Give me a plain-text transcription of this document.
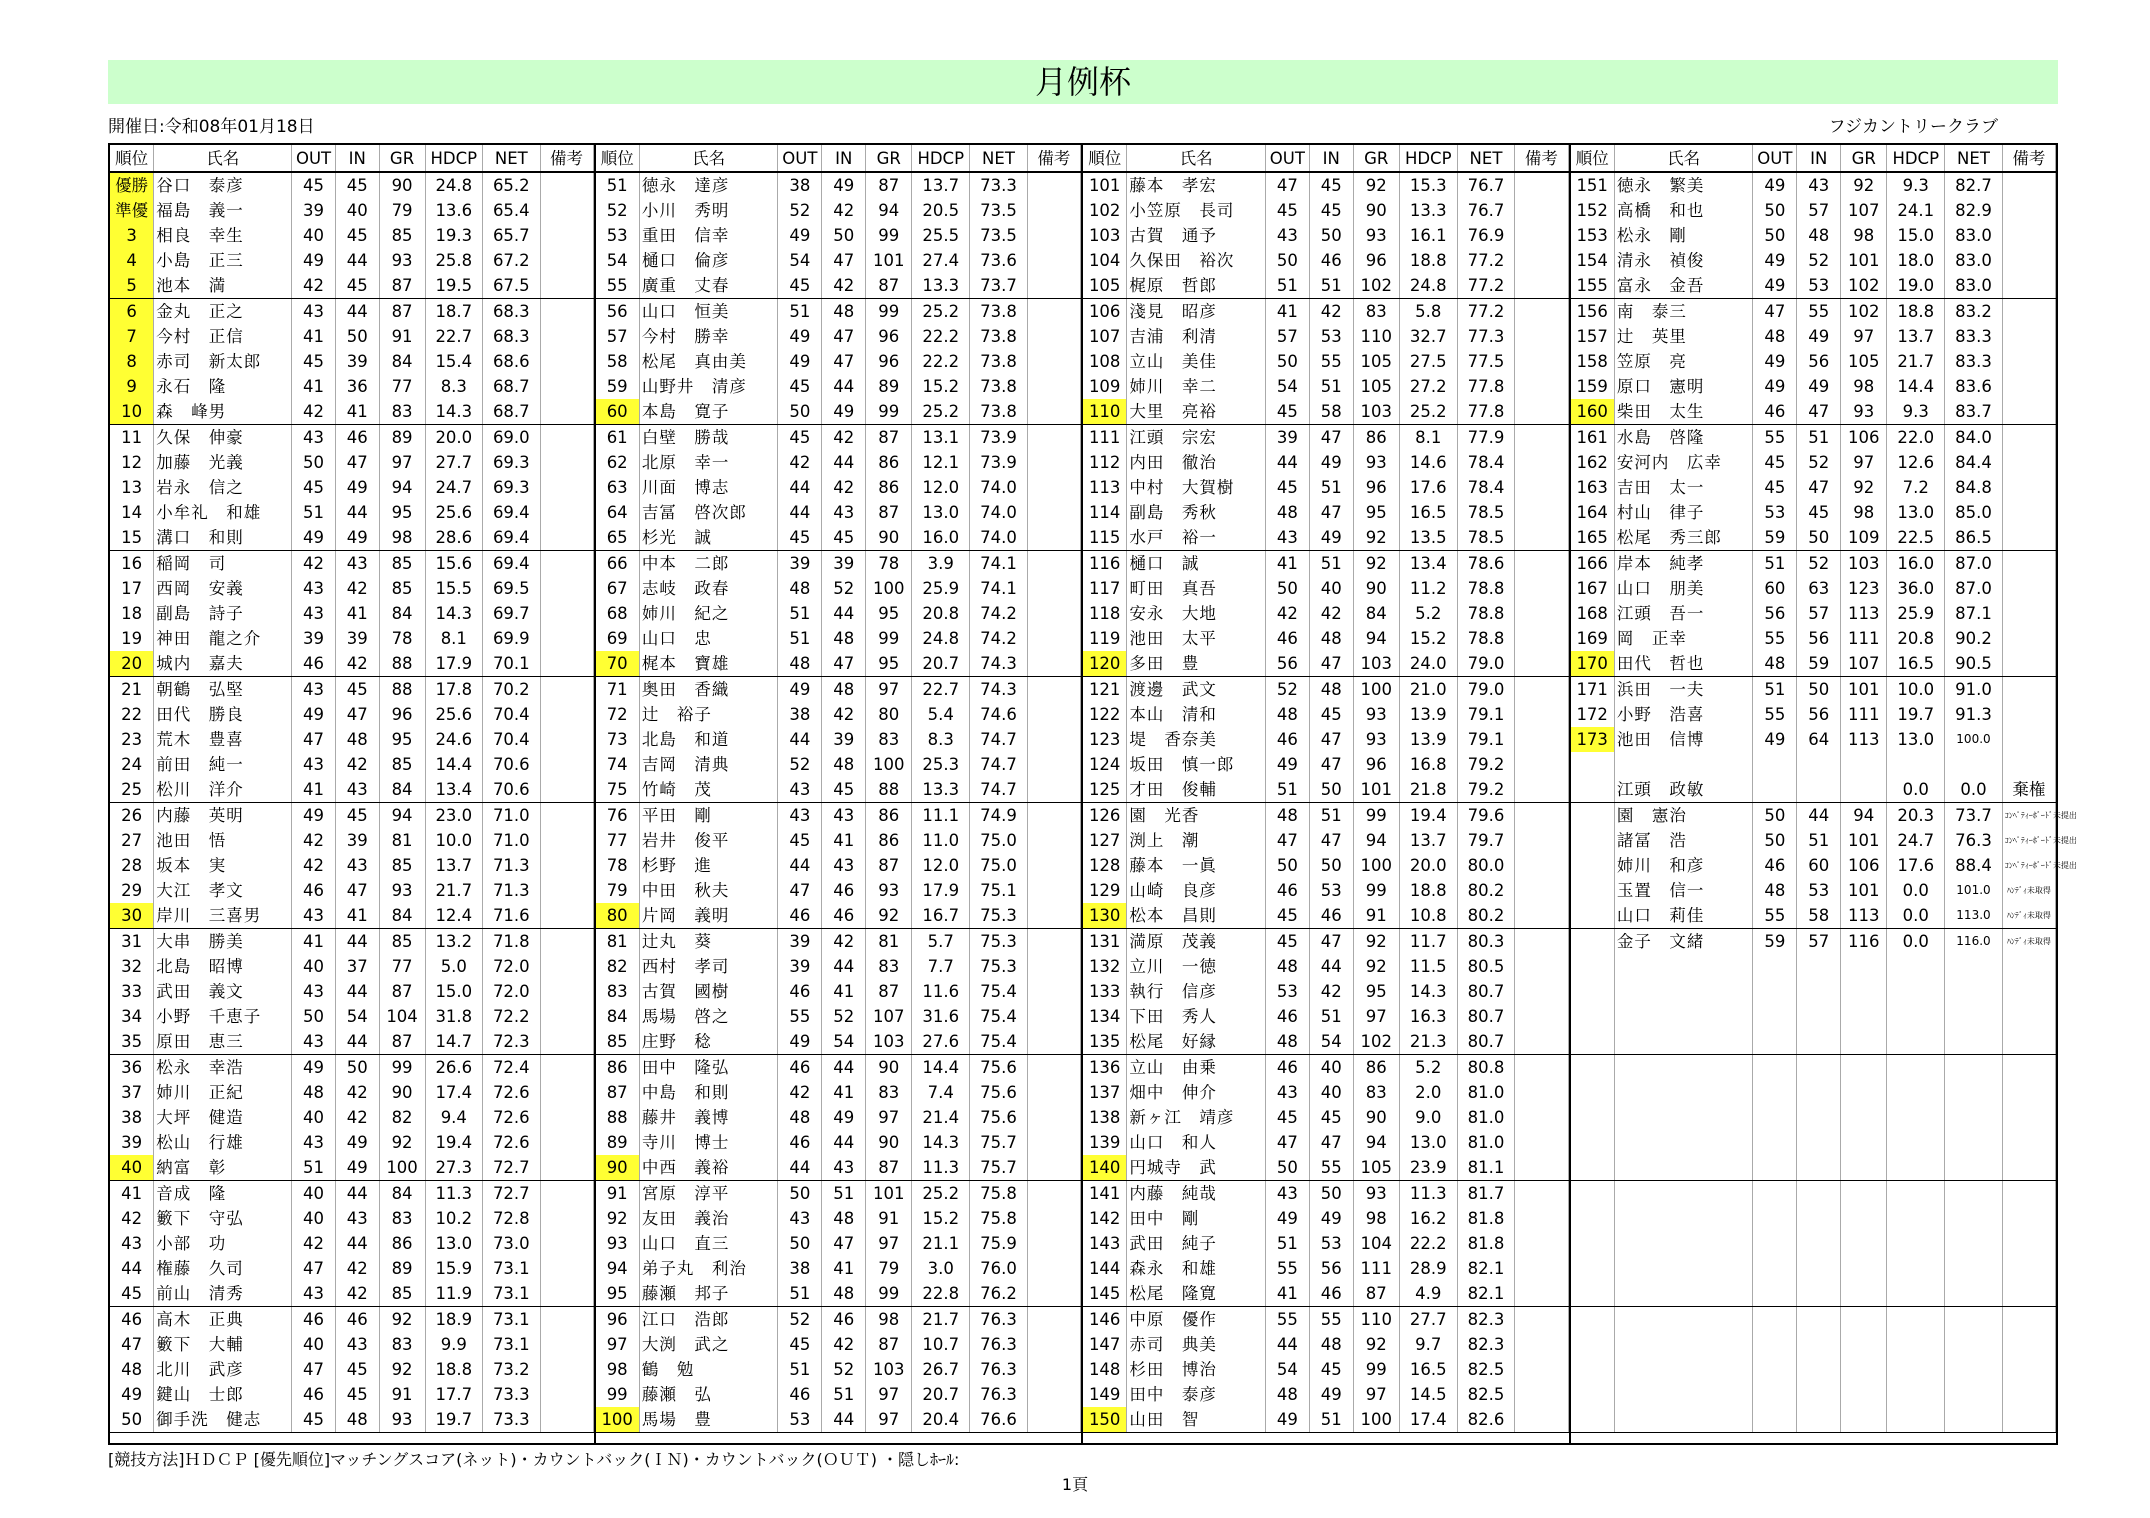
月例杯
開催日:令和08年01月18日	フジカントリークラブ
順位	氏名	OUT	IN	GR	HDCP	NET	備考
優勝	谷口　泰彦	45	45	90	24.8	65.2	
準優	福島　義一	39	40	79	13.6	65.4	
3	相良　幸生	40	45	85	19.3	65.7	
4	小島　正三	49	44	93	25.8	67.2	
5	池本　満	42	45	87	19.5	67.5	
6	金丸　正之	43	44	87	18.7	68.3	
7	今村　正信	41	50	91	22.7	68.3	
8	赤司　新太郎	45	39	84	15.4	68.6	
9	永石　隆	41	36	77	8.3	68.7	
10	森　峰男	42	41	83	14.3	68.7	
11	久保　伸豪	43	46	89	20.0	69.0	
12	加藤　光義	50	47	97	27.7	69.3	
13	岩永　信之	45	49	94	24.7	69.3	
14	小牟礼　和雄	51	44	95	25.6	69.4	
15	溝口　和則	49	49	98	28.6	69.4	
16	稲岡　司	42	43	85	15.6	69.4	
17	西岡　安義	43	42	85	15.5	69.5	
18	副島　詩子	43	41	84	14.3	69.7	
19	神田　龍之介	39	39	78	8.1	69.9	
20	城内　嘉夫	46	42	88	17.9	70.1	
21	朝鶴　弘堅	43	45	88	17.8	70.2	
22	田代　勝良	49	47	96	25.6	70.4	
23	荒木　豊喜	47	48	95	24.6	70.4	
24	前田　純一	43	42	85	14.4	70.6	
25	松川　洋介	41	43	84	13.4	70.6	
26	内藤　英明	49	45	94	23.0	71.0	
27	池田　悟	42	39	81	10.0	71.0	
28	坂本　実	42	43	85	13.7	71.3	
29	大江　孝文	46	47	93	21.7	71.3	
30	岸川　三喜男	43	41	84	12.4	71.6	
31	大串　勝美	41	44	85	13.2	71.8	
32	北島　昭博	40	37	77	5.0	72.0	
33	武田　義文	43	44	87	15.0	72.0	
34	小野　千恵子	50	54	104	31.8	72.2	
35	原田　恵三	43	44	87	14.7	72.3	
36	松永　幸浩	49	50	99	26.6	72.4	
37	姉川　正紀	48	42	90	17.4	72.6	
38	大坪　健造	40	42	82	9.4	72.6	
39	松山　行雄	43	49	92	19.4	72.6	
40	納富　彰	51	49	100	27.3	72.7	
41	音成　隆	40	44	84	11.3	72.7	
42	籔下　守弘	40	43	83	10.2	72.8	
43	小部　功	42	44	86	13.0	73.0	
44	権藤　久司	47	42	89	15.9	73.1	
45	前山　清秀	43	42	85	11.9	73.1	
46	高木　正典	46	46	92	18.9	73.1	
47	籔下　大輔	40	43	83	9.9	73.1	
48	北川　武彦	47	45	92	18.8	73.2	
49	鍵山　士郎	46	45	91	17.7	73.3	
50	御手洗　健志	45	48	93	19.7	73.3	
順位	氏名	OUT	IN	GR	HDCP	NET	備考
51	徳永　達彦	38	49	87	13.7	73.3	
52	小川　秀明	52	42	94	20.5	73.5	
53	重田　信幸	49	50	99	25.5	73.5	
54	樋口　倫彦	54	47	101	27.4	73.6	
55	廣重　丈春	45	42	87	13.3	73.7	
56	山口　恒美	51	48	99	25.2	73.8	
57	今村　勝幸	49	47	96	22.2	73.8	
58	松尾　真由美	49	47	96	22.2	73.8	
59	山野井　清彦	45	44	89	15.2	73.8	
60	本島　寛子	50	49	99	25.2	73.8	
61	白壁　勝哉	45	42	87	13.1	73.9	
62	北原　幸一	42	44	86	12.1	73.9	
63	川面　博志	44	42	86	12.0	74.0	
64	吉冨　啓次郎	44	43	87	13.0	74.0	
65	杉光　誠	45	45	90	16.0	74.0	
66	中本　二郎	39	39	78	3.9	74.1	
67	志岐　政春	48	52	100	25.9	74.1	
68	姉川　紀之	51	44	95	20.8	74.2	
69	山口　忠	51	48	99	24.8	74.2	
70	梶本　寶雄	48	47	95	20.7	74.3	
71	奥田　香織	49	48	97	22.7	74.3	
72	辻　裕子	38	42	80	5.4	74.6	
73	北島　和道	44	39	83	8.3	74.7	
74	吉岡　清典	52	48	100	25.3	74.7	
75	竹崎　茂	43	45	88	13.3	74.7	
76	平田　剛	43	43	86	11.1	74.9	
77	岩井　俊平	45	41	86	11.0	75.0	
78	杉野　進	44	43	87	12.0	75.0	
79	中田　秋夫	47	46	93	17.9	75.1	
80	片岡　義明	46	46	92	16.7	75.3	
81	辻丸　葵	39	42	81	5.7	75.3	
82	西村　孝司	39	44	83	7.7	75.3	
83	古賀　國樹	46	41	87	11.6	75.4	
84	馬場　啓之	55	52	107	31.6	75.4	
85	庄野　稔	49	54	103	27.6	75.4	
86	田中　隆弘	46	44	90	14.4	75.6	
87	中島　和則	42	41	83	7.4	75.6	
88	藤井　義博	48	49	97	21.4	75.6	
89	寺川　博士	46	44	90	14.3	75.7	
90	中西　義裕	44	43	87	11.3	75.7	
91	宮原　淳平	50	51	101	25.2	75.8	
92	友田　義治	43	48	91	15.2	75.8	
93	山口　直三	50	47	97	21.1	75.9	
94	弟子丸　利治	38	41	79	3.0	76.0	
95	藤瀬　邦子	51	48	99	22.8	76.2	
96	江口　浩郎	52	46	98	21.7	76.3	
97	大渕　武之	45	42	87	10.7	76.3	
98	鶴　勉	51	52	103	26.7	76.3	
99	藤瀬　弘	46	51	97	20.7	76.3	
100	馬場　豊	53	44	97	20.4	76.6	
順位	氏名	OUT	IN	GR	HDCP	NET	備考
101	藤本　孝宏	47	45	92	15.3	76.7	
102	小笠原　長司	45	45	90	13.3	76.7	
103	古賀　通予	43	50	93	16.1	76.9	
104	久保田　裕次	50	46	96	18.8	77.2	
105	梶原　哲郎	51	51	102	24.8	77.2	
106	淺見　昭彦	41	42	83	5.8	77.2	
107	吉浦　利清	57	53	110	32.7	77.3	
108	立山　美佳	50	55	105	27.5	77.5	
109	姉川　幸二	54	51	105	27.2	77.8	
110	大里　亮裕	45	58	103	25.2	77.8	
111	江頭　宗宏	39	47	86	8.1	77.9	
112	内田　徹治	44	49	93	14.6	78.4	
113	中村　大賀樹	45	51	96	17.6	78.4	
114	副島　秀秋	48	47	95	16.5	78.5	
115	水戸　裕一	43	49	92	13.5	78.5	
116	樋口　誠	41	51	92	13.4	78.6	
117	町田　真吾	50	40	90	11.2	78.8	
118	安永　大地	42	42	84	5.2	78.8	
119	池田　太平	46	48	94	15.2	78.8	
120	多田　豊	56	47	103	24.0	79.0	
121	渡邊　武文	52	48	100	21.0	79.0	
122	本山　清和	48	45	93	13.9	79.1	
123	堤　香奈美	46	47	93	13.9	79.1	
124	坂田　慎一郎	49	47	96	16.8	79.2	
125	才田　俊輔	51	50	101	21.8	79.2	
126	園　光香	48	51	99	19.4	79.6	
127	渕上　潮	47	47	94	13.7	79.7	
128	藤本　一眞	50	50	100	20.0	80.0	
129	山崎　良彦	46	53	99	18.8	80.2	
130	松本　昌則	45	46	91	10.8	80.2	
131	満原　茂義	45	47	92	11.7	80.3	
132	立川　一徳	48	44	92	11.5	80.5	
133	執行　信彦	53	42	95	14.3	80.7	
134	下田　秀人	46	51	97	16.3	80.7	
135	松尾　好縁	48	54	102	21.3	80.7	
136	立山　由乗	46	40	86	5.2	80.8	
137	畑中　伸介	43	40	83	2.0	81.0	
138	新ヶ江　靖彦	45	45	90	9.0	81.0	
139	山口　和人	47	47	94	13.0	81.0	
140	円城寺　武	50	55	105	23.9	81.1	
141	内藤　純哉	43	50	93	11.3	81.7	
142	田中　剛	49	49	98	16.2	81.8	
143	武田　純子	51	53	104	22.2	81.8	
144	森永　和雄	55	56	111	28.9	82.1	
145	松尾　隆寛	41	46	87	4.9	82.1	
146	中原　優作	55	55	110	27.7	82.3	
147	赤司　典美	44	48	92	9.7	82.3	
148	杉田　博治	54	45	99	16.5	82.5	
149	田中　泰彦	48	49	97	14.5	82.5	
150	山田　智	49	51	100	17.4	82.6	
順位	氏名	OUT	IN	GR	HDCP	NET	備考
151	徳永　繁美	49	43	92	9.3	82.7	
152	高橋　和也	50	57	107	24.1	82.9	
153	松永　剛	50	48	98	15.0	83.0	
154	清永　禎俊	49	52	101	18.0	83.0	
155	富永　金吾	49	53	102	19.0	83.0	
156	南　泰三	47	55	102	18.8	83.2	
157	辻　英里	48	49	97	13.7	83.3	
158	笠原　亮	49	56	105	21.7	83.3	
159	原口　憲明	49	49	98	14.4	83.6	
160	柴田　太生	46	47	93	9.3	83.7	
161	水島　啓隆	55	51	106	22.0	84.0	
162	安河内　広幸	45	52	97	12.6	84.4	
163	吉田　太一	45	47	92	7.2	84.8	
164	村山　律子	53	45	98	13.0	85.0	
165	松尾　秀三郎	59	50	109	22.5	86.5	
166	岸本　純孝	51	52	103	16.0	87.0	
167	山口　朋美	60	63	123	36.0	87.0	
168	江頭　吾一	56	57	113	25.9	87.1	
169	岡　正幸	55	56	111	20.8	90.2	
170	田代　哲也	48	59	107	16.5	90.5	
171	浜田　一夫	51	50	101	10.0	91.0	
172	小野　浩喜	55	56	111	19.7	91.3	
173	池田　信博	49	64	113	13.0	100.0	

	江頭　政敏				0.0	0.0	棄権
	園　憲治	50	44	94	20.3	73.7	ｺﾝﾍﾟﾃｨｰﾎﾞｰﾄﾞ未提出
	諸冨　浩	50	51	101	24.7	76.3	ｺﾝﾍﾟﾃｨｰﾎﾞｰﾄﾞ未提出
	姉川　和彦	46	60	106	17.6	88.4	ｺﾝﾍﾟﾃｨｰﾎﾞｰﾄﾞ未提出
	玉置　信一	48	53	101	0.0	101.0	ﾊﾝﾃﾞｨ未取得
	山口　莉佳	55	58	113	0.0	113.0	ﾊﾝﾃﾞｨ未取得
	金子　文緒	59	57	116	0.0	116.0	ﾊﾝﾃﾞｨ未取得

[競技方法]ＨＤＣＰ [優先順位]マッチングスコア(ネット)・カウントバック(ＩＮ)・カウントバック(ＯＵＴ) ・隠しﾎｰﾙ:
1頁
